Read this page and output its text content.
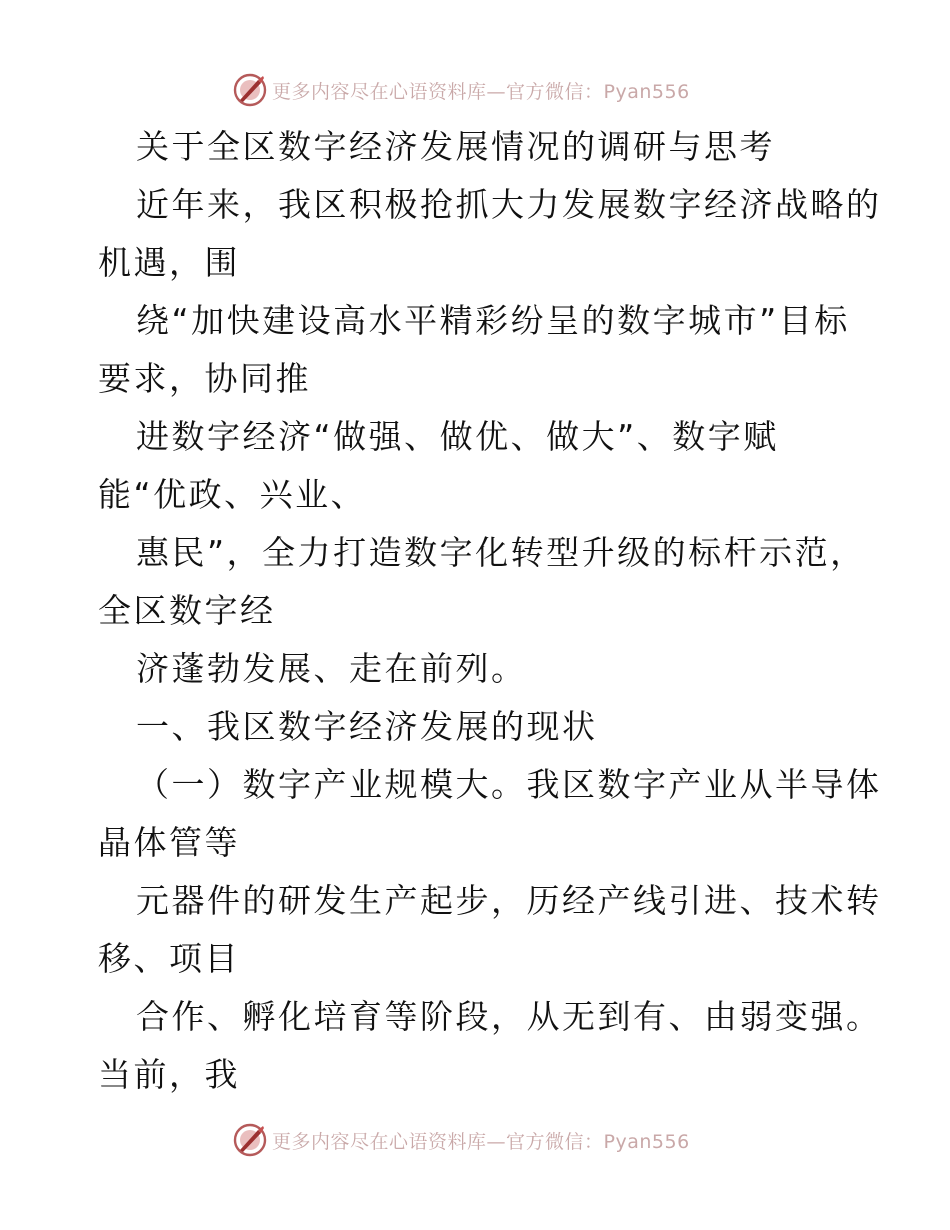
更多内容尽在心语资料库—官方微信：Pyan556
关于全区数字经济发展情况的调研与思考
近年来，我区积极抢抓大力发展数字经济战略的
机遇，围
绕“加快建设高水平精彩纷呈的数字城市”目标
要求，协同推
进数字经济“做强、做优、做大”、数字赋
能“优政、兴业、
惠民”，全力打造数字化转型升级的标杆示范，
全区数字经
济蓬勃发展、走在前列。
一、我区数字经济发展的现状
（一）数字产业规模大。我区数字产业从半导体
晶体管等
元器件的研发生产起步，历经产线引进、技术转
移、项目
合作、孵化培育等阶段，从无到有、由弱变强。
当前，我
更多内容尽在心语资料库—官方微信：Pyan556
